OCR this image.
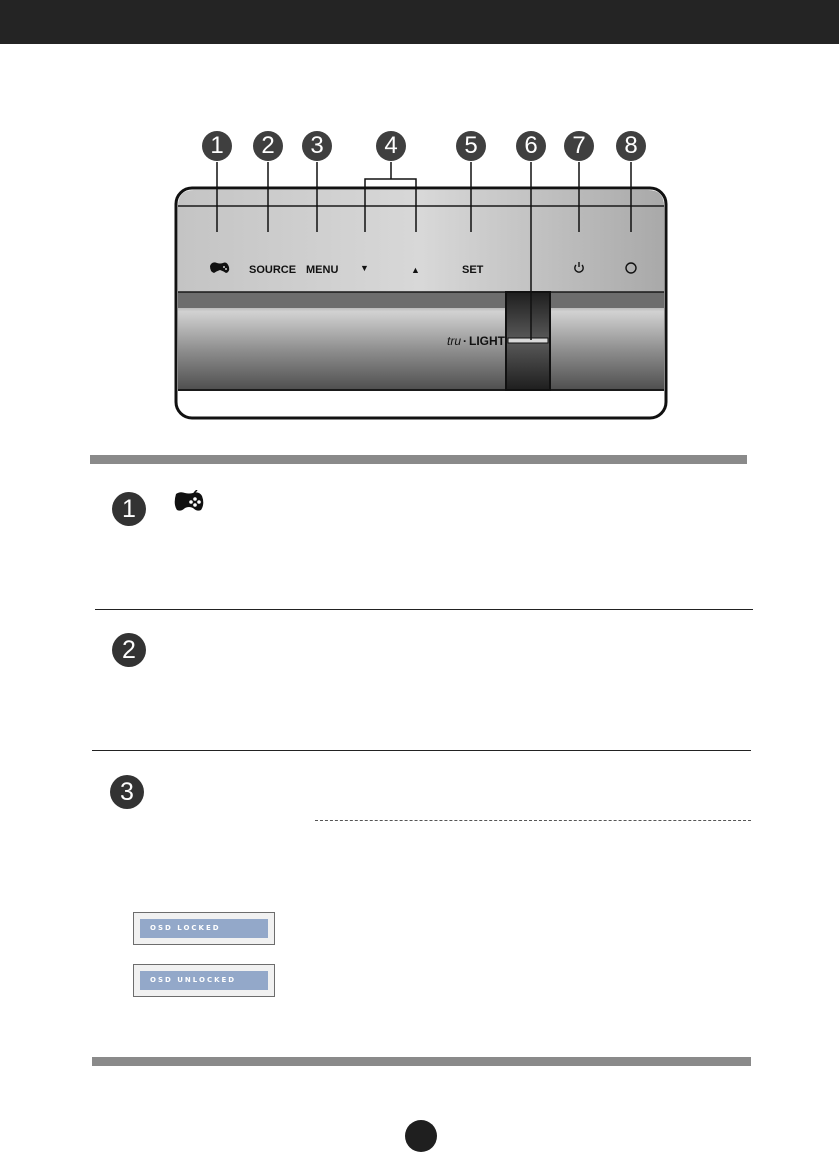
1	2	3	4	5	6	7	8
SOURCE MENU ▼	▲	SET
tru · LIGHT
1
2
3
OSD LOCKED
OSD UNLOCKED
